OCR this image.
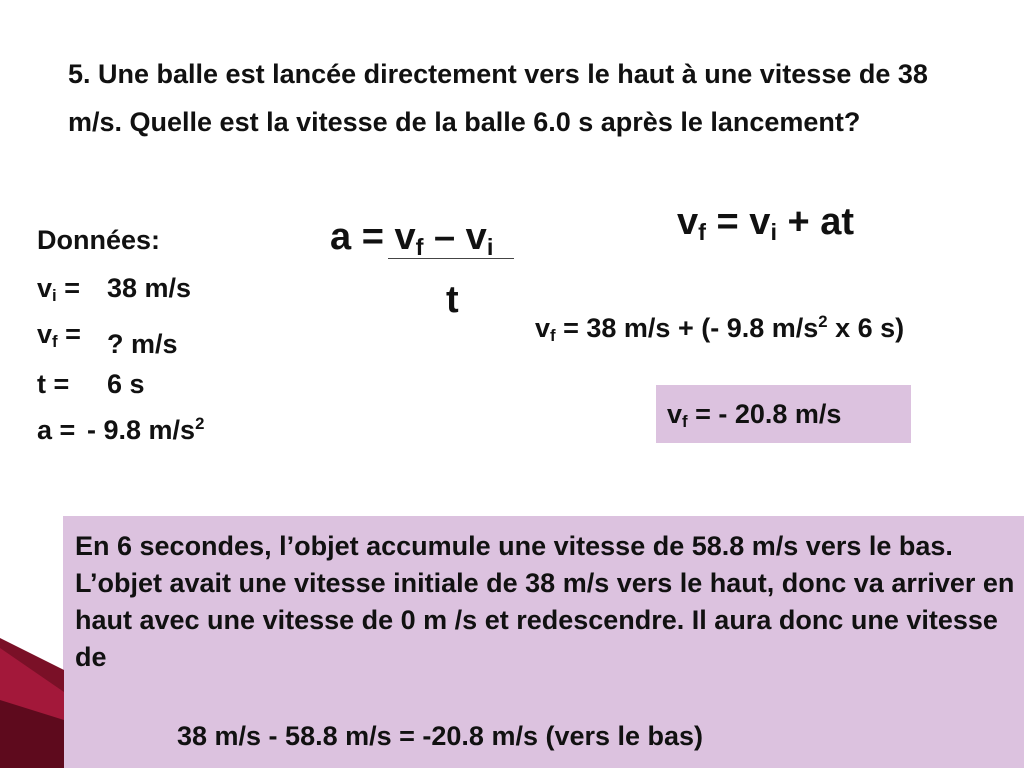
5. Une balle est lancée directement vers le haut à une vitesse de 38 m/s. Quelle est la vitesse de la balle 6.0 s après le lancement?
Données:
$v_i = 38$ m/s
$v_f$ = ? m/s
t = 6 s
a = - 9.8 $m/s^2$
$a = v_f - v_i$
t
$v_f = v_i$ + at
$v_f = 38$ m/s + (- 9.8 $m/s^2$ x 6 s)
$v_f$ = - 20.8 m/s
En 6 secondes, l’objet accumule une vitesse de 58.8 m/s vers le bas. L’objet avait une vitesse initiale de 38 m/s vers le haut, donc va arriver en haut avec une vitesse de 0 m /s et redescendre. Il aura donc une vitesse de
38 m/s - 58.8 m/s = -20.8 m/s (vers le bas)
